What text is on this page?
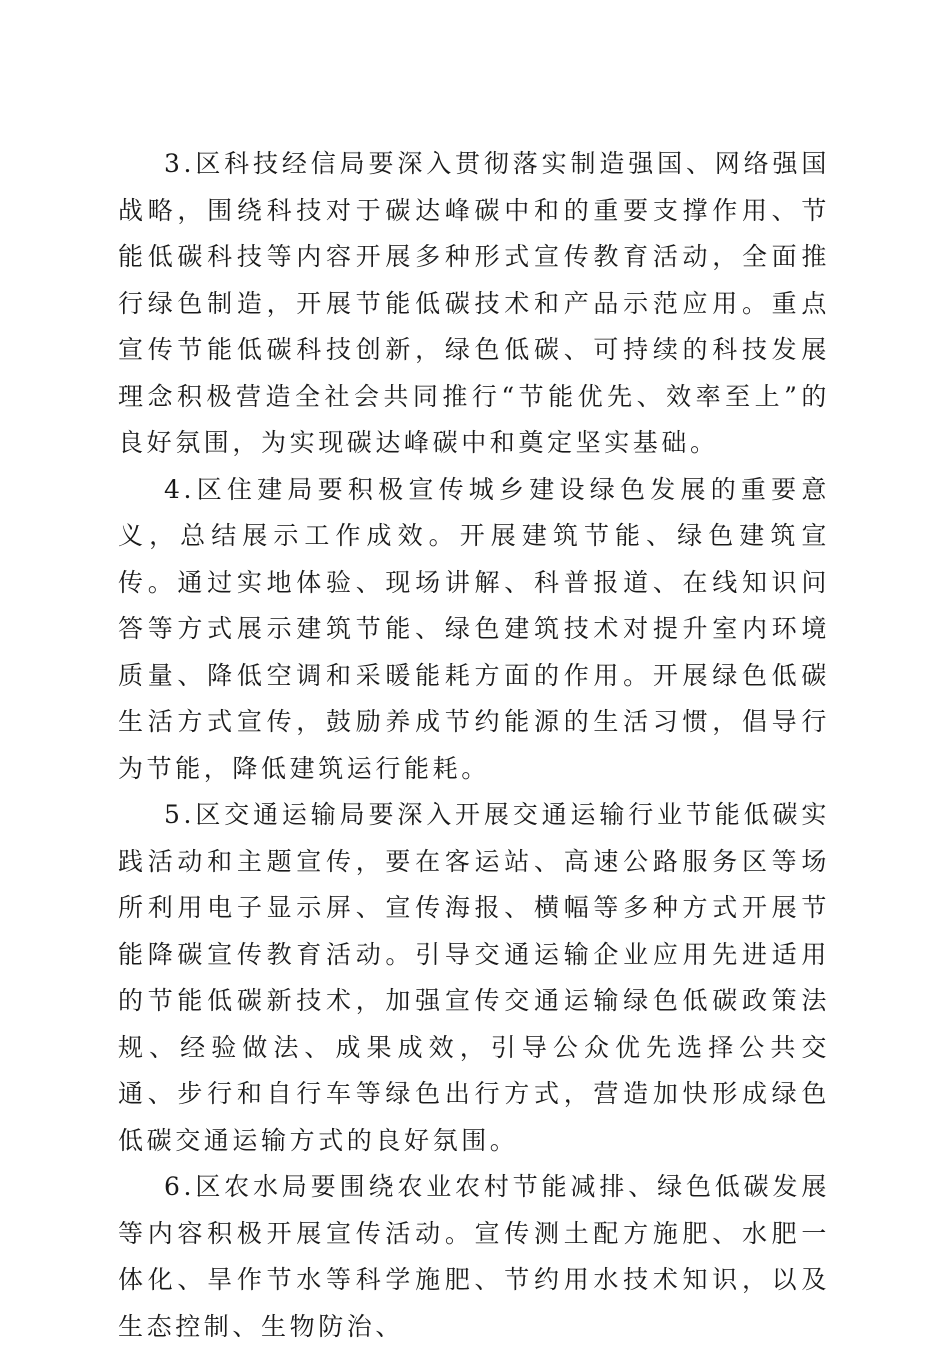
3.区科技经信局要深入贯彻落实制造强国、网络强国战略，围绕科技对于碳达峰碳中和的重要支撑作用、节能低碳科技等内容开展多种形式宣传教育活动，全面推行绿色制造，开展节能低碳技术和产品示范应用。重点宣传节能低碳科技创新，绿色低碳、可持续的科技发展理念积极营造全社会共同推行“节能优先、效率至上”的良好氛围，为实现碳达峰碳中和奠定坚实基础。

4.区住建局要积极宣传城乡建设绿色发展的重要意义，总结展示工作成效。开展建筑节能、绿色建筑宣传。通过实地体验、现场讲解、科普报道、在线知识问答等方式展示建筑节能、绿色建筑技术对提升室内环境质量、降低空调和采暖能耗方面的作用。开展绿色低碳生活方式宣传，鼓励养成节约能源的生活习惯，倡导行为节能，降低建筑运行能耗。

5.区交通运输局要深入开展交通运输行业节能低碳实践活动和主题宣传，要在客运站、高速公路服务区等场所利用电子显示屏、宣传海报、横幅等多种方式开展节能降碳宣传教育活动。引导交通运输企业应用先进适用的节能低碳新技术，加强宣传交通运输绿色低碳政策法规、经验做法、成果成效，引导公众优先选择公共交通、步行和自行车等绿色出行方式，营造加快形成绿色低碳交通运输方式的良好氛围。

6.区农水局要围绕农业农村节能减排、绿色低碳发展等内容积极开展宣传活动。宣传测土配方施肥、水肥一体化、旱作节水等科学施肥、节约用水技术知识，以及生态控制、生物防治、
